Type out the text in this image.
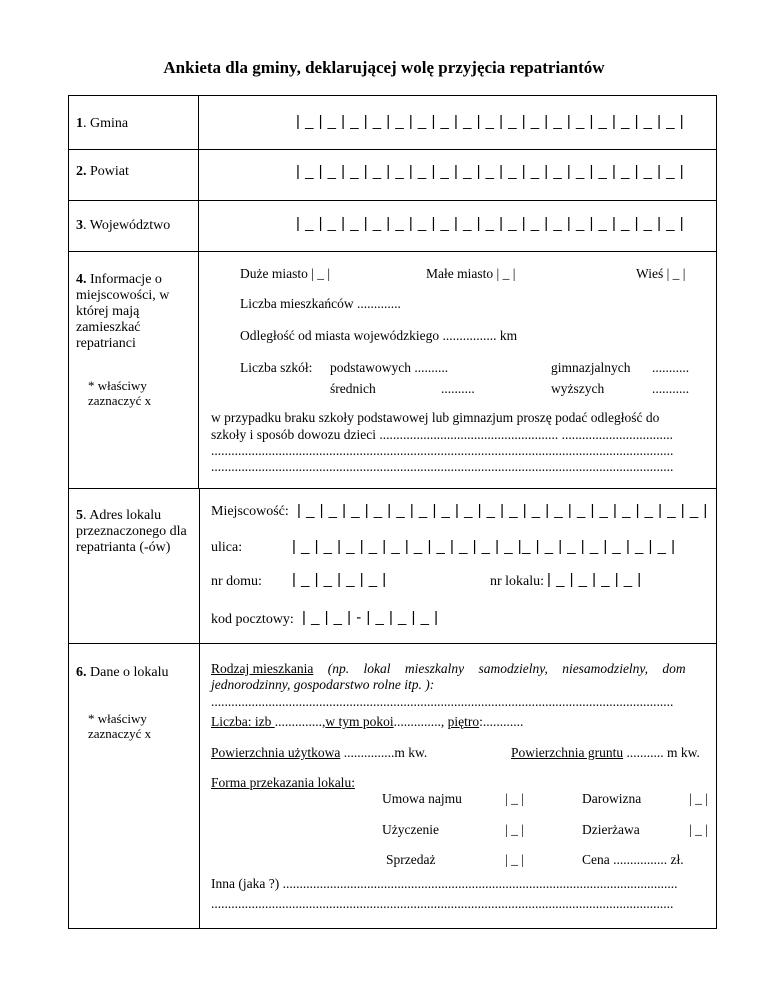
Ankieta dla gminy, deklarującej wolę przyjęcia repatriantów
1. Gmina	| _ | _ | _ | _ | _ | _ | _ | _ | _ | _ | _ | _ | _ | _ | _ | _ | _ |
2. Powiat	| _ | _ | _ | _ | _ | _ | _ | _ | _ | _ | _ | _ | _ | _ | _ | _ | _ |
3. Województwo	| _ | _ | _ | _ | _ | _ | _ | _ | _ | _ | _ | _ | _ | _ | _ | _ | _ |
4. Informacje o miejscowości, w której mają zamieszkać repatrianci
* właściwy zaznaczyć x
Duże miasto | _ |	Małe miasto | _ |	Wieś | _ |
Liczba mieszkańców .............
Odległość od miasta wojewódzkiego ................ km
Liczba szkół: podstawowych ..........	gimnazjalnych ...........
średnich	..........	wyższych	...........
w przypadku braku szkoły podstawowej lub gimnazjum proszę podać odległość do
szkoły i sposób dowozu dzieci ..................................................... .................................
.........................................................................................................................................
.........................................................................................................................................
5. Adres lokalu przeznaczonego dla repatrianta (-ów)
Miejscowość: | _ | _ | _ | _ | _ | _ | _ | _ | _ | _ | _ | _ | _ | _ | _ | _ | _ | _ |
ulica:	| _ | _ | _ | _ | _ | _ | _ | _ | _ | _ |_ | _ | _ | _ | _ | _ | _ |
nr domu: | _ | _ | _ | _ |	nr lokalu: | _ | _ | _ | _ |
kod pocztowy: | _ | _ | - | _ | _ | _ |
6. Dane o lokalu
* właściwy zaznaczyć x
Rodzaj mieszkania (np. lokal mieszkalny samodzielny, niesamodzielny, dom
jednorodzinny, gospodarstwo rolne itp. ):
.........................................................................................................................................
Liczba: izb ..............,w tym pokoi.............., piętro:............
Powierzchnia użytkowa ...............m kw.	Powierzchnia gruntu ........... m kw.
Forma przekazania lokalu:
Umowa najmu	| _ |	Darowizna	| _ |
Użyczenie	| _ |	Dzierżawa	| _ |
Sprzedaż	| _ |	Cena ................ zł.
Inna (jaka ?) .....................................................................................................................
.........................................................................................................................................
